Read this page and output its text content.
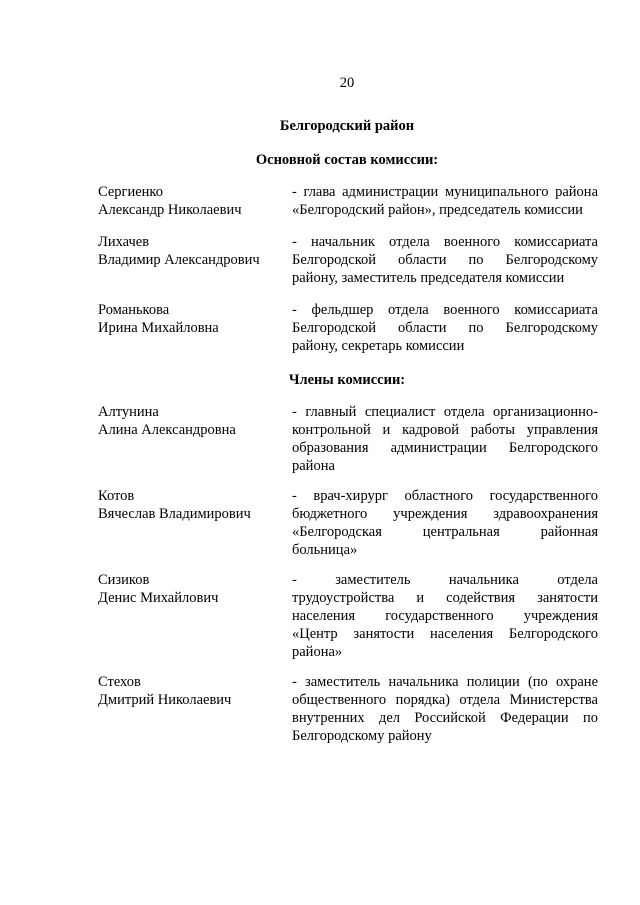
20
Белгородский район
Основной состав комиссии:
Сергиенко
Александр Николаевич
- глава администрации муниципального района
«Белгородский район», председатель комиссии
Лихачев
Владимир Александрович
- начальник отдела военного комиссариата
Белгородской области по Белгородскому
району, заместитель председателя комиссии
Романькова
Ирина Михайловна
- фельдшер отдела военного комиссариата
Белгородской области по Белгородскому
району, секретарь комиссии
Члены комиссии:
Алтунина
Алина Александровна
- главный специалист отдела организационно-
контрольной и кадровой работы управления
образования администрации Белгородского
района
Котов
Вячеслав Владимирович
- врач-хирург областного государственного
бюджетного учреждения здравоохранения
«Белгородская центральная районная
больница»
Сизиков
Денис Михайлович
- заместитель начальника отдела
трудоустройства и содействия занятости
населения государственного учреждения
«Центр занятости населения Белгородского
района»
Стехов
Дмитрий Николаевич
- заместитель начальника полиции (по охране
общественного порядка) отдела Министерства
внутренних дел Российской Федерации по
Белгородскому району
